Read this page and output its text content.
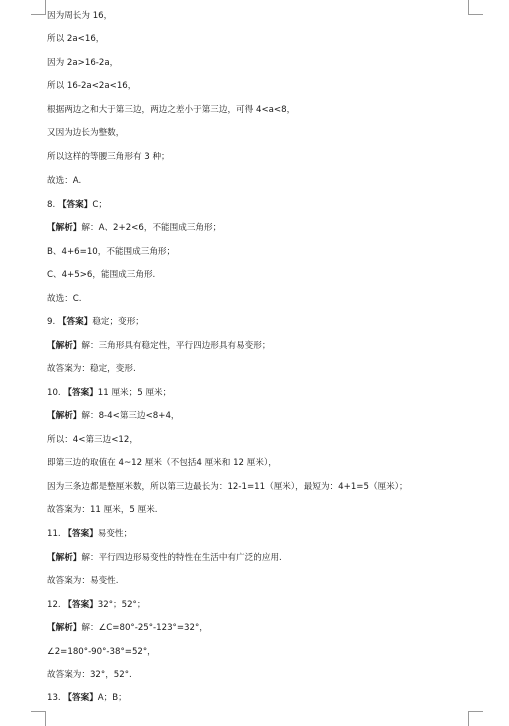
因为周长为 16，
所以 2a<16，
因为 2a>16-2a，
所以 16-2a<2a<16，
根据两边之和大于第三边，两边之差小于第三边，可得 4<a<8，
又因为边长为整数，
所以这样的等腰三角形有 3 种；
故选：A.
8. 【答案】C；
【解析】解：A、2+2<6，不能围成三角形；
B、4+6=10，不能围成三角形；
C、4+5>6，能围成三角形.
故选：C.
9. 【答案】稳定；变形；
【解析】解：三角形具有稳定性，平行四边形具有易变形；
故答案为：稳定，变形.
10. 【答案】11 厘米；5 厘米；
【解析】解：8-4<第三边<8+4，
所以：4<第三边<12，
即第三边的取值在 4~12 厘米（不包括4 厘米和 12 厘米），
因为三条边都是整厘米数，所以第三边最长为：12-1=11（厘米），最短为：4+1=5（厘米）；
故答案为：11 厘米，5 厘米.
11. 【答案】易变性；
【解析】解：平行四边形易变性的特性在生活中有广泛的应用.
故答案为：易变性.
12. 【答案】32°；52°；
【解析】解：∠C=80°-25°-123°=32°，
∠2=180°-90°-38°=52°，
故答案为：32°，52°.
13. 【答案】A；B；
